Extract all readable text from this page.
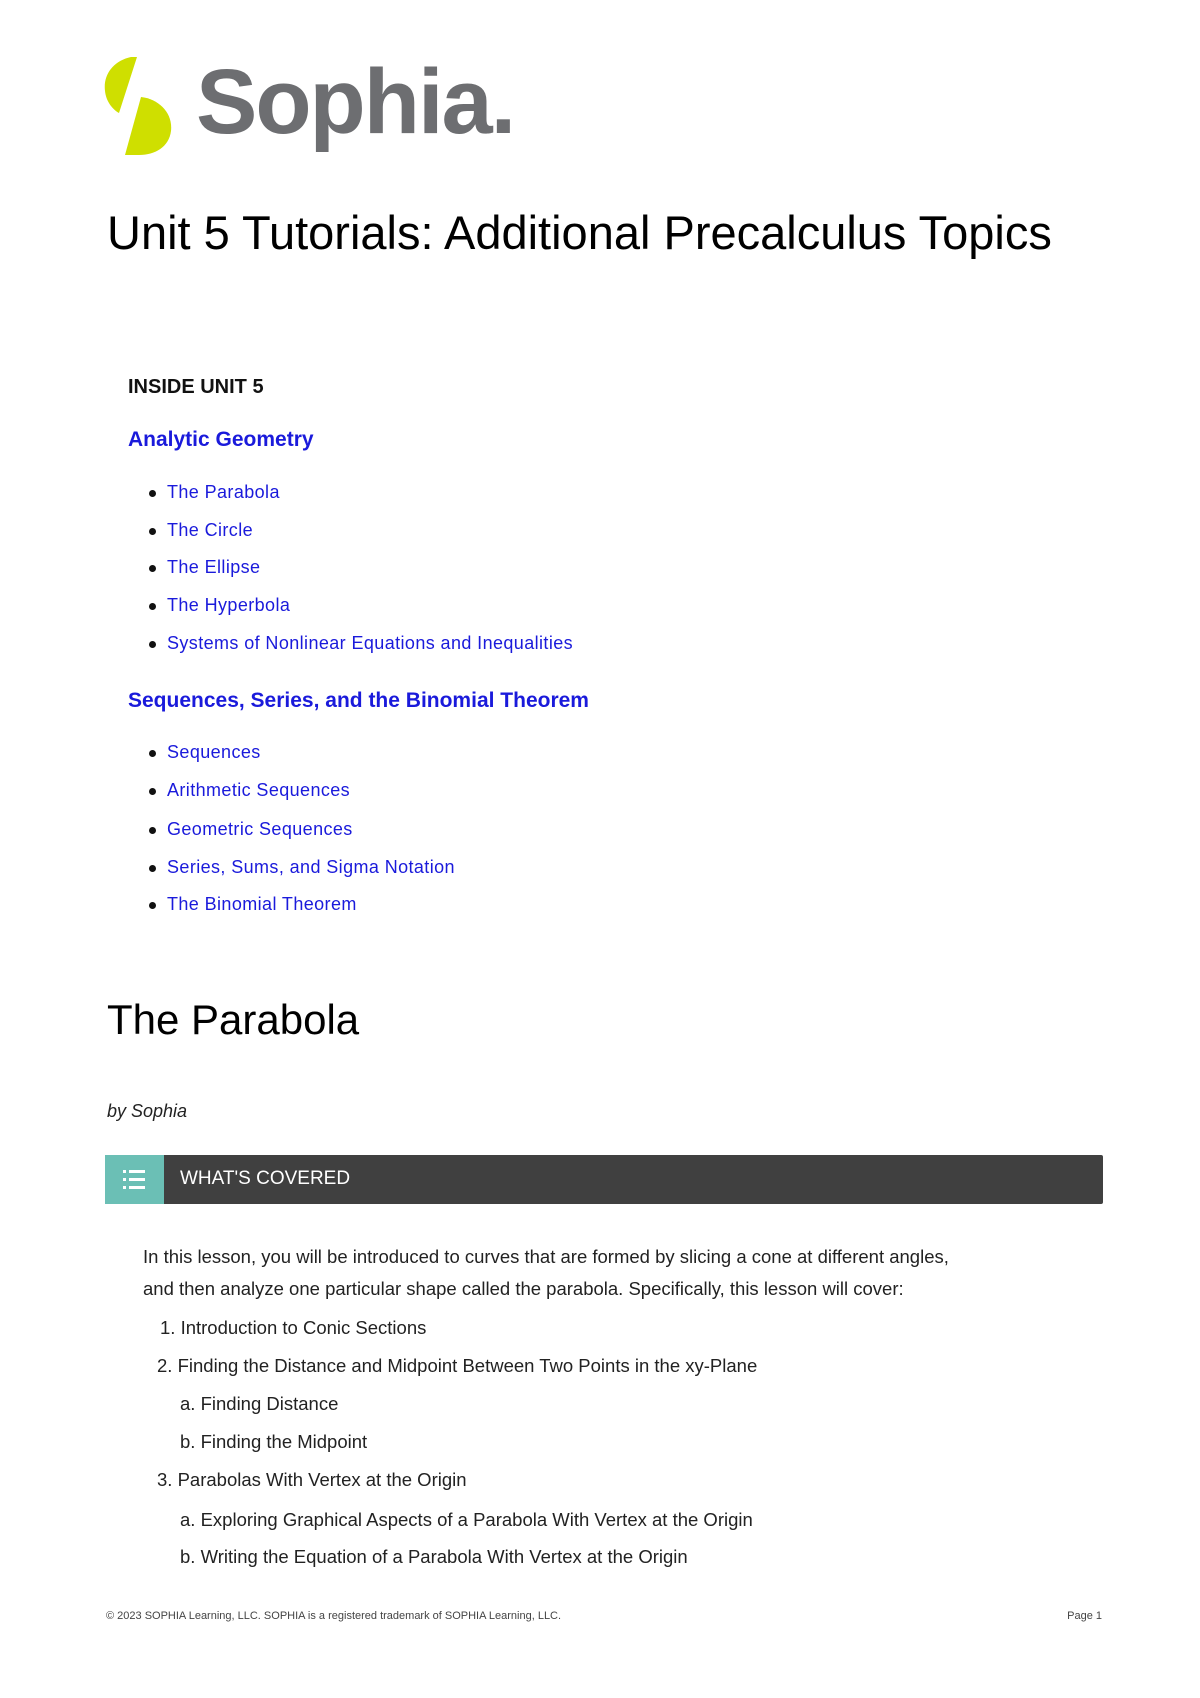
Sophia.
Unit 5 Tutorials: Additional Precalculus Topics
INSIDE UNIT 5
Analytic Geometry
The Parabola
The Circle
The Ellipse
The Hyperbola
Systems of Nonlinear Equations and Inequalities
Sequences, Series, and the Binomial Theorem
Sequences
Arithmetic Sequences
Geometric Sequences
Series, Sums, and Sigma Notation
The Binomial Theorem
The Parabola
by Sophia
WHAT'S COVERED
In this lesson, you will be introduced to curves that are formed by slicing a cone at different angles,
and then analyze one particular shape called the parabola. Specifically, this lesson will cover:
1. Introduction to Conic Sections
2. Finding the Distance and Midpoint Between Two Points in the xy-Plane
a. Finding Distance
b. Finding the Midpoint
3. Parabolas With Vertex at the Origin
a. Exploring Graphical Aspects of a Parabola With Vertex at the Origin
b. Writing the Equation of a Parabola With Vertex at the Origin
© 2023 SOPHIA Learning, LLC. SOPHIA is a registered trademark of SOPHIA Learning, LLC.	Page 1
